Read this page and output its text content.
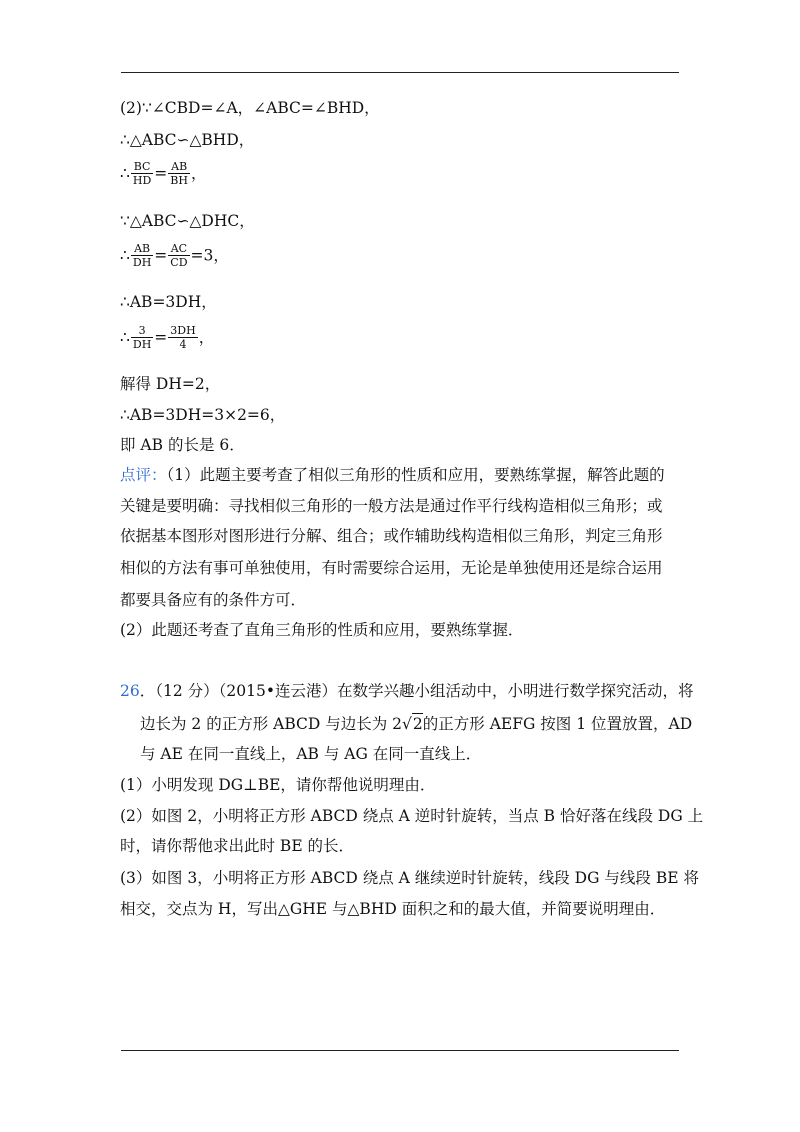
(2)∵∠CBD=∠A，∠ABC=∠BHD，
∴△ABC∽△BHD，
∴ $\frac{BC}{HD} = \frac{AB}{BH}$ ，
∵△ABC∽△DHC，
∴ $\frac{AB}{DH} = \frac{AC}{CD} =3$，
∴AB=3DH，
∴ $\frac{3}{DH} = \frac{3DH}{4}$ ，
解得 DH=2，
∴AB=3DH=3×2=6，
即 AB 的长是 6．
点评：（1）此题主要考查了相似三角形的性质和应用，要熟练掌握，解答此题的
关键是要明确：寻找相似三角形的一般方法是通过作平行线构造相似三角形；或
依据基本图形对图形进行分解、组合；或作辅助线构造相似三角形，判定三角形
相似的方法有事可单独使用，有时需要综合运用，无论是单独使用还是综合运用
都要具备应有的条件方可．
(2）此题还考查了直角三角形的性质和应用，要熟练掌握．
26．（12 分）（2015•连云港）在数学兴趣小组活动中，小明进行数学探究活动，将
边长为 2 的正方形 ABCD 与边长为 2√2的正方形 AEFG 按图 1 位置放置，AD
与 AE 在同一直线上，AB 与 AG 在同一直线上．
(1）小明发现 DG⊥BE，请你帮他说明理由．
(2）如图 2，小明将正方形 ABCD 绕点 A 逆时针旋转，当点 B 恰好落在线段 DG 上
时，请你帮他求出此时 BE 的长．
(3）如图 3，小明将正方形 ABCD 绕点 A 继续逆时针旋转，线段 DG 与线段 BE 将
相交，交点为 H，写出△GHE 与△BHD 面积之和的最大值，并简要说明理由．
